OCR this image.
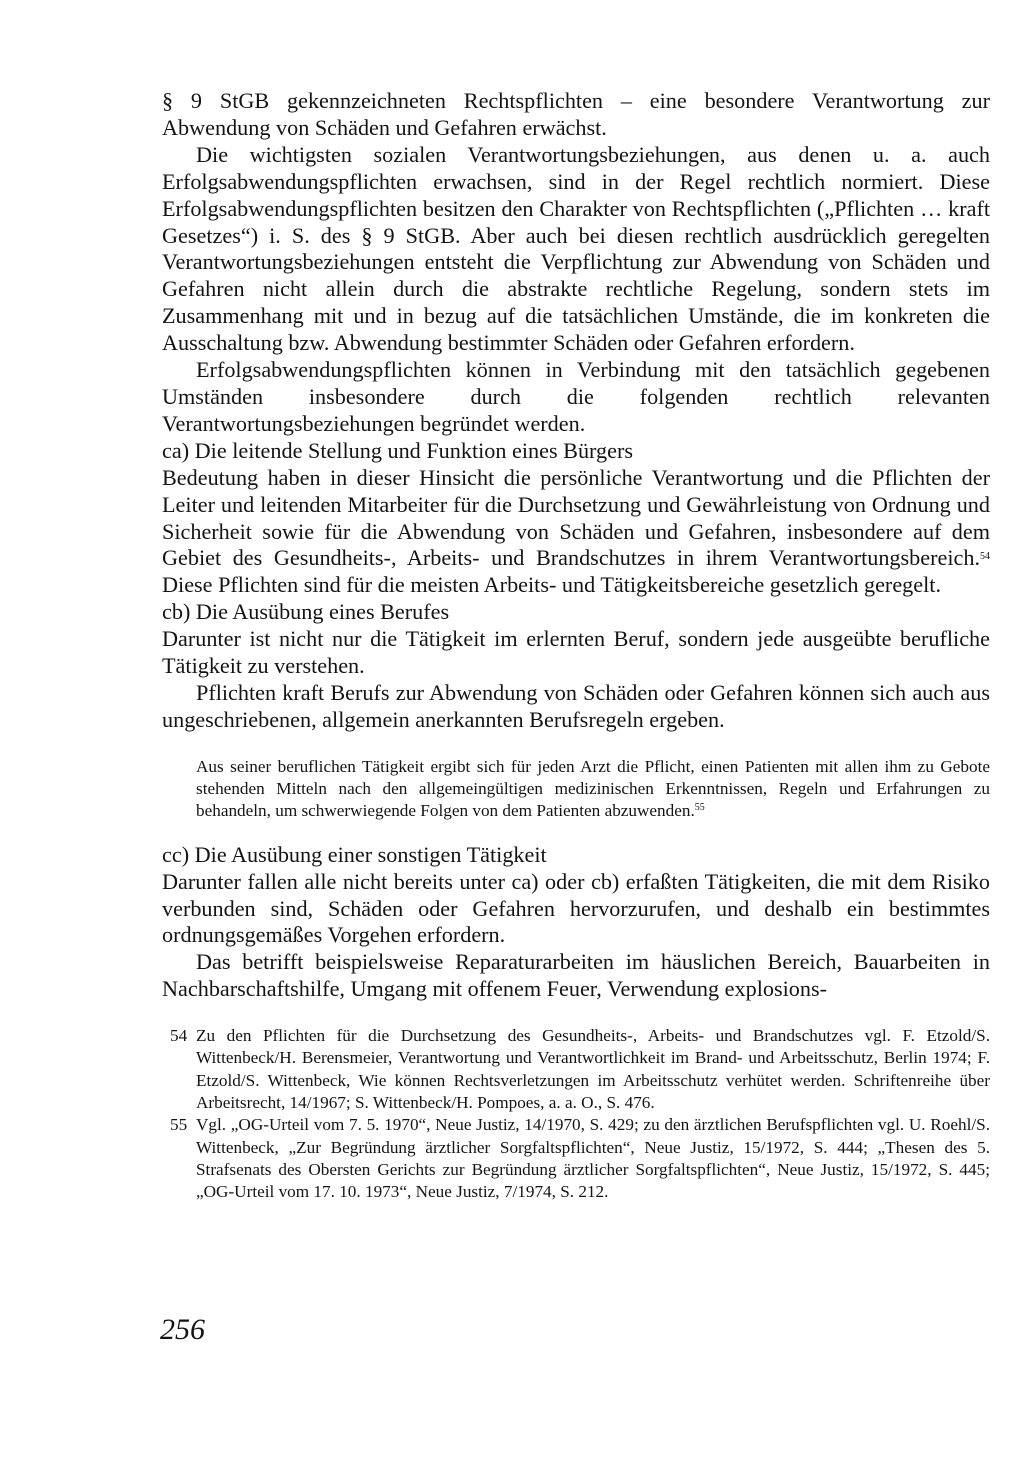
§ 9 StGB gekennzeichneten Rechtspflichten – eine besondere Verantwortung zur Abwendung von Schäden und Gefahren erwächst.

Die wichtigsten sozialen Verantwortungsbeziehungen, aus denen u. a. auch Erfolgsabwendungspflichten erwachsen, sind in der Regel rechtlich normiert. Diese Erfolgsabwendungspflichten besitzen den Charakter von Rechtspflichten („Pflichten … kraft Gesetzes“) i. S. des § 9 StGB. Aber auch bei diesen rechtlich ausdrücklich geregelten Verantwortungsbeziehungen entsteht die Verpflichtung zur Abwendung von Schäden und Gefahren nicht allein durch die abstrakte rechtliche Regelung, sondern stets im Zusammenhang mit und in bezug auf die tatsächlichen Umstände, die im konkreten die Ausschaltung bzw. Abwendung bestimmter Schäden oder Gefahren erfordern.

Erfolgsabwendungspflichten können in Verbindung mit den tatsächlich gegebenen Umständen insbesondere durch die folgenden rechtlich relevanten Verantwortungsbeziehungen begründet werden.

ca) Die leitende Stellung und Funktion eines Bürgers

Bedeutung haben in dieser Hinsicht die persönliche Verantwortung und die Pflichten der Leiter und leitenden Mitarbeiter für die Durchsetzung und Gewährleistung von Ordnung und Sicherheit sowie für die Abwendung von Schäden und Gefahren, insbesondere auf dem Gebiet des Gesundheits-, Arbeits- und Brandschutzes in ihrem Verantwortungsbereich.$^{54}$ Diese Pflichten sind für die meisten Arbeits- und Tätigkeitsbereiche gesetzlich geregelt.

cb) Die Ausübung eines Berufes

Darunter ist nicht nur die Tätigkeit im erlernten Beruf, sondern jede ausgeübte berufliche Tätigkeit zu verstehen.

Pflichten kraft Berufs zur Abwendung von Schäden oder Gefahren können sich auch aus ungeschriebenen, allgemein anerkannten Berufsregeln ergeben.

Aus seiner beruflichen Tätigkeit ergibt sich für jeden Arzt die Pflicht, einen Patienten mit allen ihm zu Gebote stehenden Mitteln nach den allgemeingültigen medizinischen Erkenntnissen, Regeln und Erfahrungen zu behandeln, um schwerwiegende Folgen von dem Patienten abzuwenden.$^{55}$

cc) Die Ausübung einer sonstigen Tätigkeit

Darunter fallen alle nicht bereits unter ca) oder cb) erfaßten Tätigkeiten, die mit dem Risiko verbunden sind, Schäden oder Gefahren hervorzurufen, und deshalb ein bestimmtes ordnungsgemäßes Vorgehen erfordern.

Das betrifft beispielsweise Reparaturarbeiten im häuslichen Bereich, Bauarbeiten in Nachbarschaftshilfe, Umgang mit offenem Feuer, Verwendung explosions-

54 Zu den Pflichten für die Durchsetzung des Gesundheits-, Arbeits- und Brandschutzes vgl. F. Etzold/S. Wittenbeck/H. Berensmeier, Verantwortung und Verantwortlichkeit im Brand- und Arbeitsschutz, Berlin 1974; F. Etzold/S. Wittenbeck, Wie können Rechtsverletzungen im Arbeitsschutz verhütet werden. Schriftenreihe über Arbeitsrecht, 14/1967; S. Wittenbeck/H. Pompoes, a. a. O., S. 476.
55 Vgl. „OG-Urteil vom 7. 5. 1970“, Neue Justiz, 14/1970, S. 429; zu den ärztlichen Berufspflichten vgl. U. Roehl/S. Wittenbeck, „Zur Begründung ärztlicher Sorgfaltspflichten“, Neue Justiz, 15/1972, S. 444; „Thesen des 5. Strafsenats des Obersten Gerichts zur Begründung ärztlicher Sorgfaltspflichten“, Neue Justiz, 15/1972, S. 445; „OG-Urteil vom 17. 10. 1973“, Neue Justiz, 7/1974, S. 212.
256
